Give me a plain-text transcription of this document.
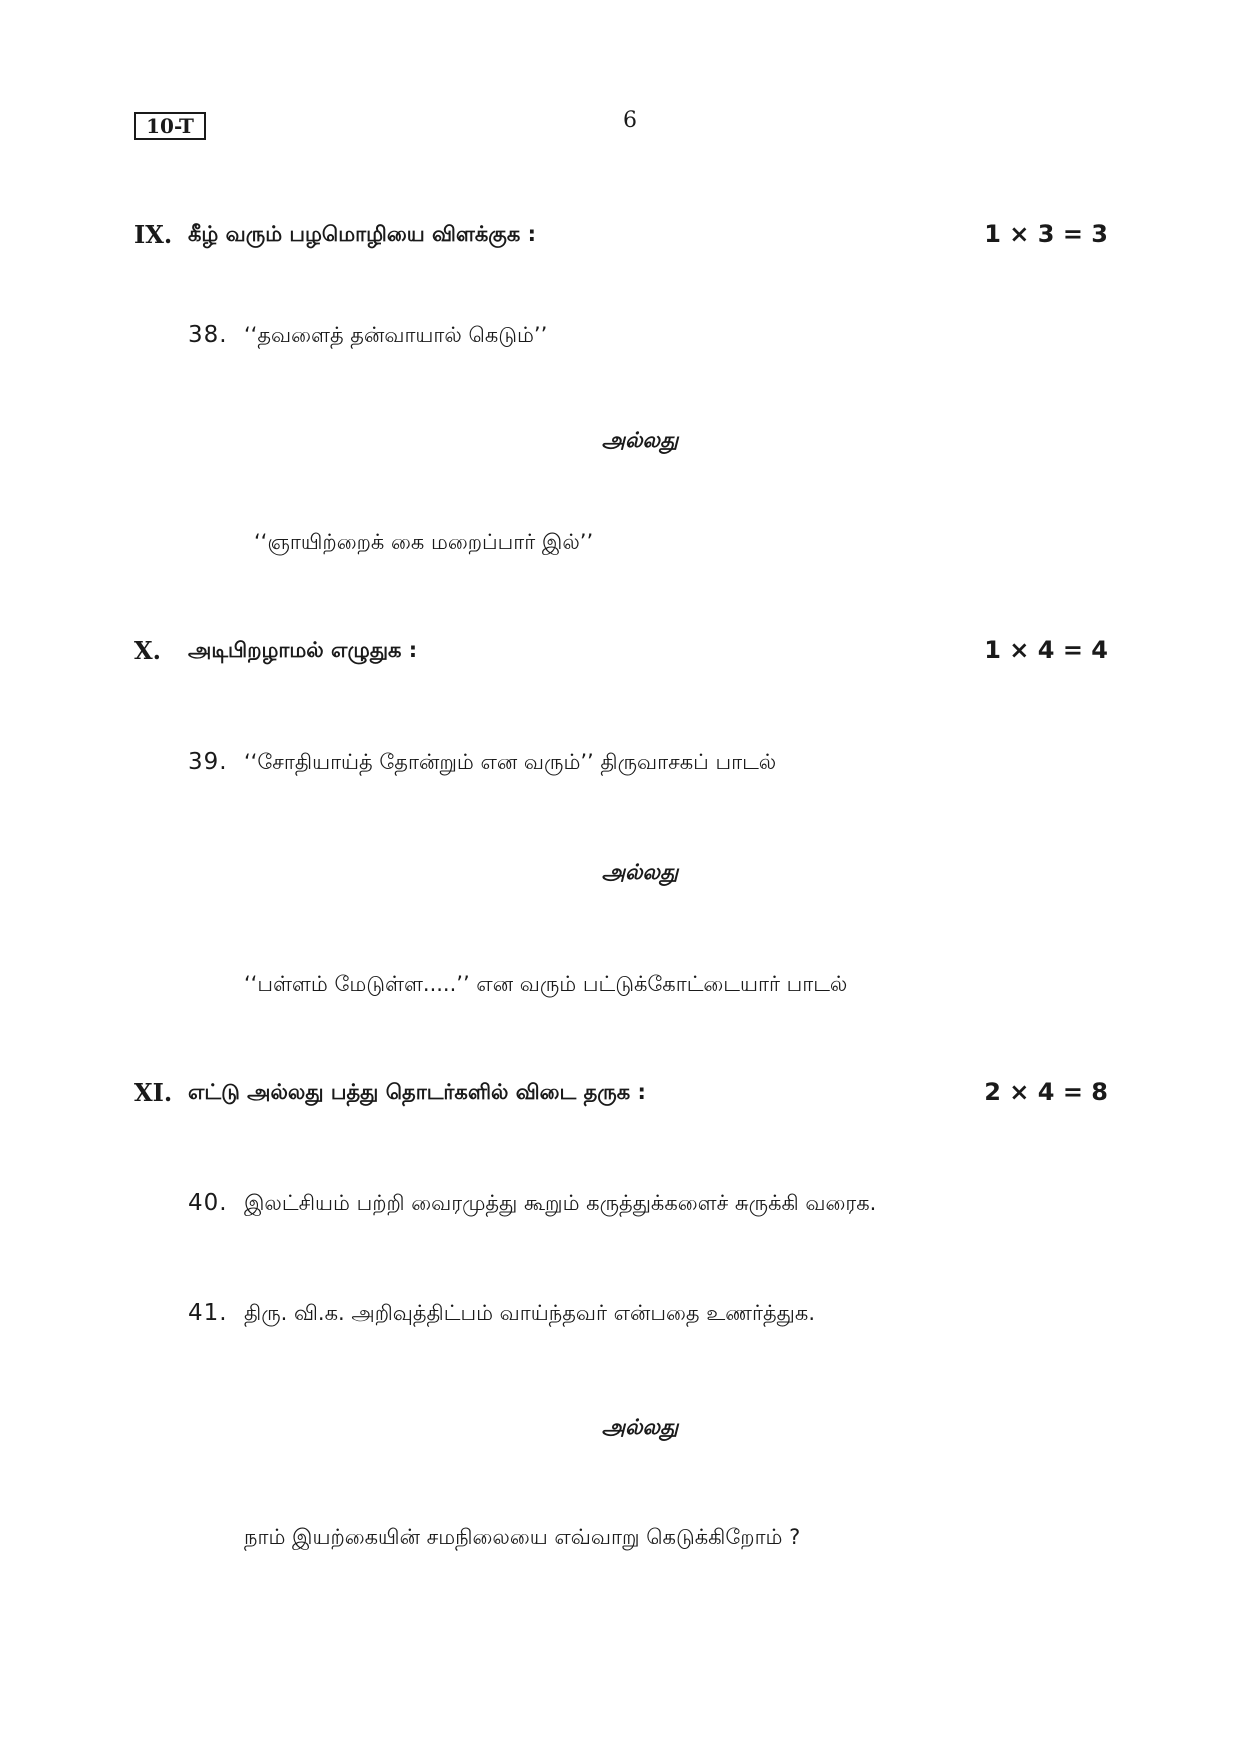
10-T	6
IX. கீழ் வரும் பழமொழியை விளக்குக :	1 × 3 = 3
38. ‘‘தவளைத் தன்வாயால் கெடும்’’
அல்லது
‘‘ஞாயிற்றைக் கை மறைப்பார் இல்’’
X. அடிபிறழாமல் எழுதுக :	1 × 4 = 4
39. ‘‘சோதியாய்த் தோன்றும் என வரும்’’ திருவாசகப் பாடல்
அல்லது
‘‘பள்ளம் மேடுள்ள.....’’ என வரும் பட்டுக்கோட்டையார் பாடல்
XI. எட்டு அல்லது பத்து தொடர்களில் விடை தருக :	2 × 4 = 8
40. இலட்சியம் பற்றி வைரமுத்து கூறும் கருத்துக்களைச் சுருக்கி வரைக.
41. திரு. வி.க. அறிவுத்திட்பம் வாய்ந்தவர் என்பதை உணர்த்துக.
அல்லது
நாம் இயற்கையின் சமநிலையை எவ்வாறு கெடுக்கிறோம் ?
